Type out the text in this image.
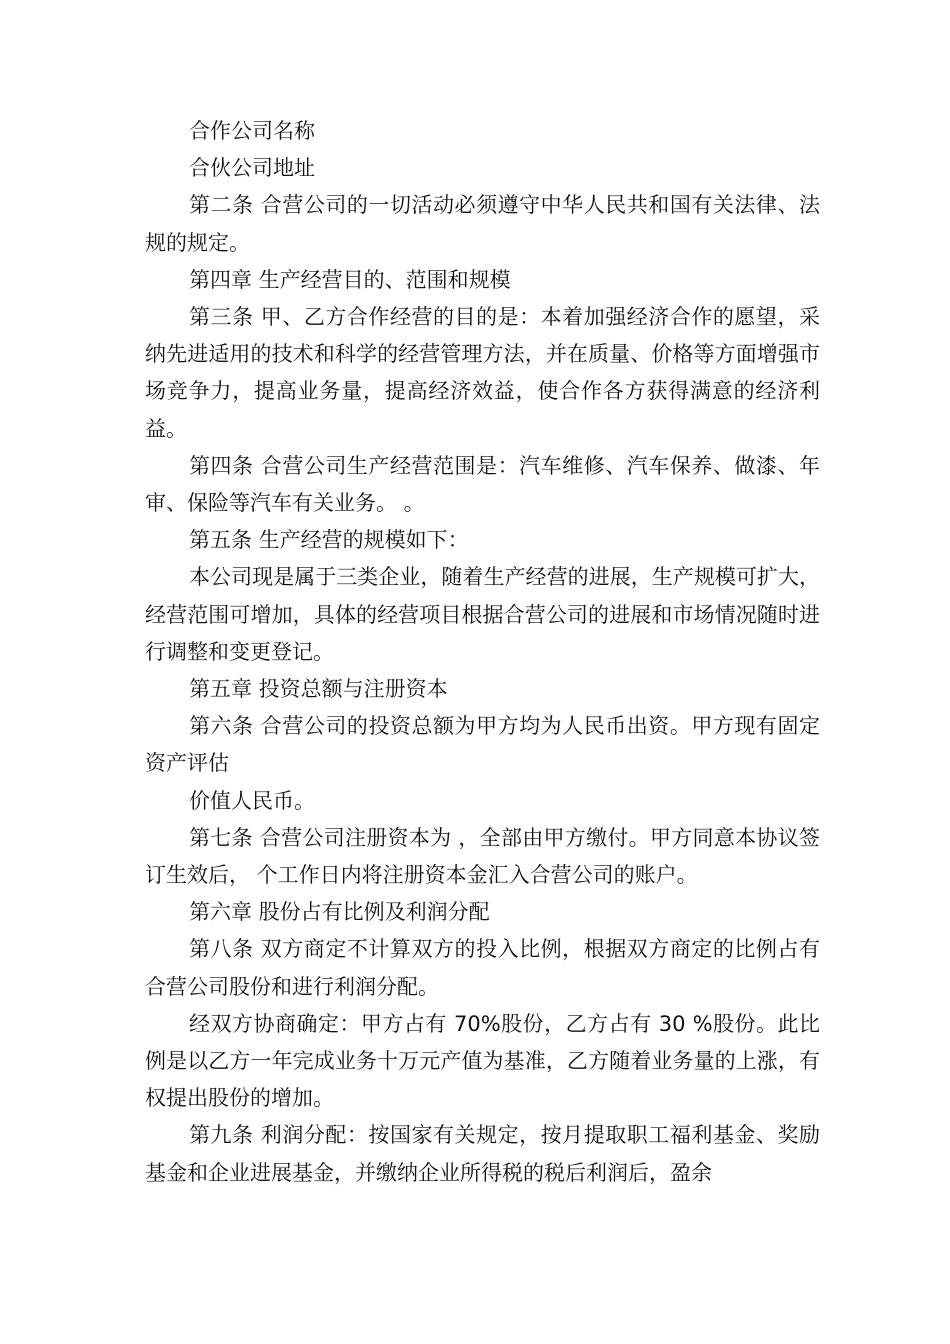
合作公司名称

合伙公司地址

第二条 合营公司的一切活动必须遵守中华人民共和国有关法律、法规的规定。

第四章 生产经营目的、范围和规模

第三条 甲、乙方合作经营的目的是：本着加强经济合作的愿望，采纳先进适用的技术和科学的经营管理方法，并在质量、价格等方面增强市场竞争力，提高业务量，提高经济效益，使合作各方获得满意的经济利益。

第四条 合营公司生产经营范围是：汽车维修、汽车保养、做漆、年审、保险等汽车有关业务。 。

第五条 生产经营的规模如下：

本公司现是属于三类企业，随着生产经营的进展，生产规模可扩大，经营范围可增加，具体的经营项目根据合营公司的进展和市场情况随时进行调整和变更登记。

第五章 投资总额与注册资本

第六条 合营公司的投资总额为甲方均为人民币出资。甲方现有固定资产评估

价值人民币。

第七条 合营公司注册资本为 ，全部由甲方缴付。甲方同意本协议签订生效后， 个工作日内将注册资本金汇入合营公司的账户。

第六章 股份占有比例及利润分配

第八条 双方商定不计算双方的投入比例，根据双方商定的比例占有合营公司股份和进行利润分配。

经双方协商确定：甲方占有 70%股份，乙方占有 30 %股份。此比例是以乙方一年完成业务十万元产值为基准，乙方随着业务量的上涨，有权提出股份的增加。

第九条 利润分配：按国家有关规定，按月提取职工福利基金、奖励基金和企业进展基金，并缴纳企业所得税的税后利润后，盈余
